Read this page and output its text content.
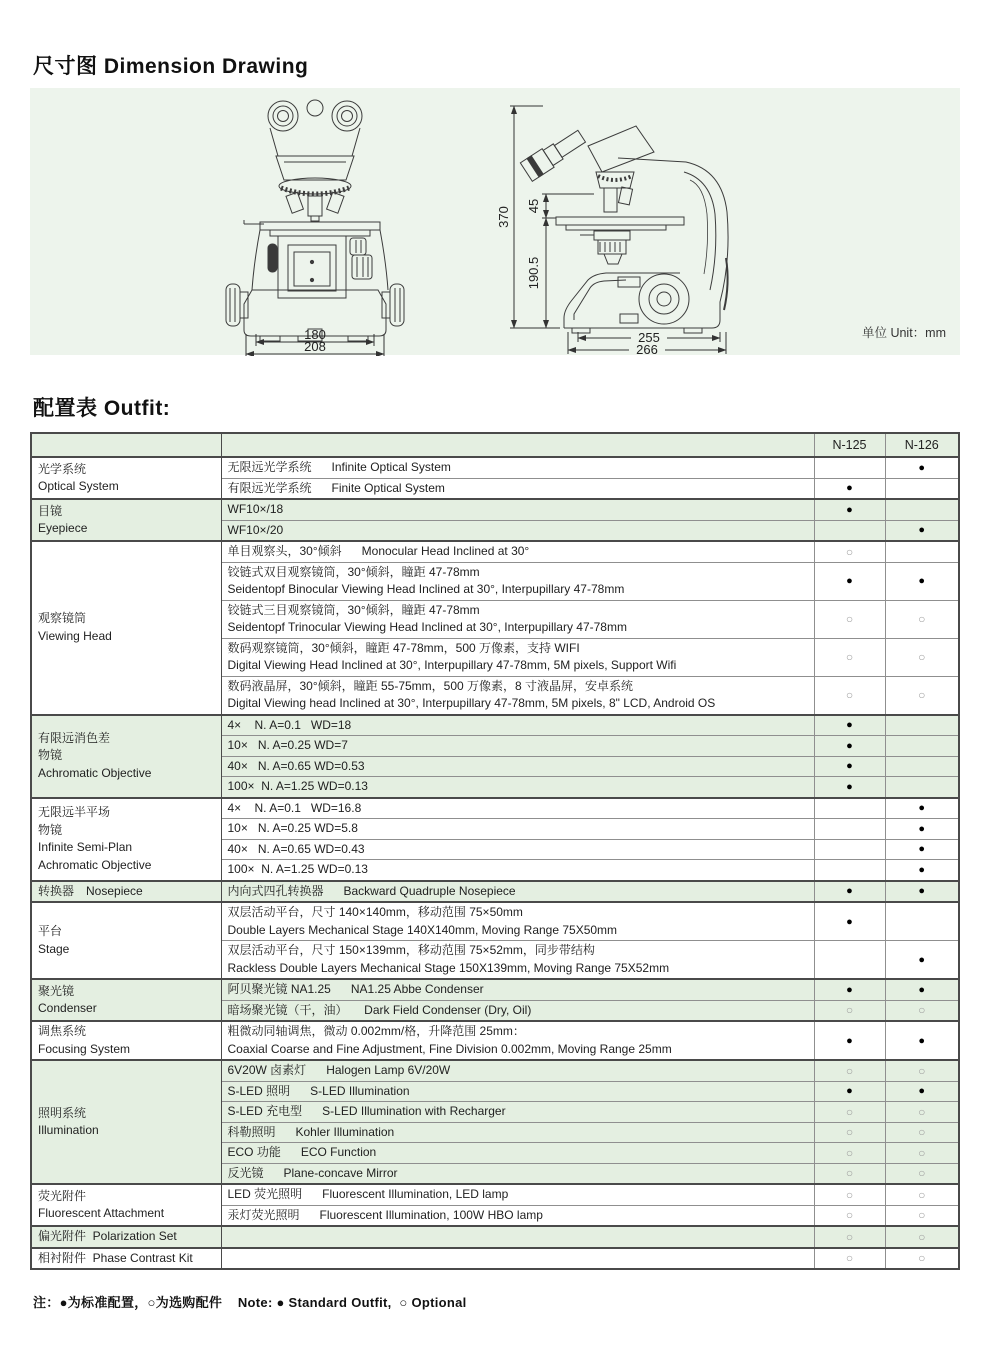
尺寸图 Dimension Drawing
180
208
370
45
190.5
255
266
单位 Unit：mm
配置表 Outfit:
		N-125	N-126

光学系统
Optical System	无限远光学系统      Infinite Optical System		●

	有限远光学系统      Finite Optical System	●	

目镜
Eyepiece	WF10×/18	●	

	WF10×/20		●

观察镜筒
Viewing Head	单目观察头，30°倾斜      Monocular Head Inclined at 30°	○	

	铰链式双目观察镜筒，30°倾斜，瞳距 47-78mm
Seidentopf Binocular Viewing Head Inclined at 30°, Interpupillary 47-78mm	●	●

	铰链式三目观察镜筒，30°倾斜，瞳距 47-78mm
Seidentopf Trinocular Viewing Head Inclined at 30°, Interpupillary 47-78mm	○	○

	数码观察镜筒，30°倾斜，瞳距 47-78mm，500 万像素，支持 WIFI
Digital Viewing Head Inclined at 30°, Interpupillary 47-78mm, 5M pixels, Support Wifi	○	○

	数码液晶屏，30°倾斜，瞳距 55-75mm，500 万像素，8 寸液晶屏，安卓系统
Digital Viewing head Inclined at 30°, Interpupillary 47-78mm, 5M pixels, 8" LCD, Android OS	○	○

有限远消色差
物镜
Achromatic Objective	4×    N. A=0.1   WD=18	●	

	10×   N. A=0.25 WD=7	●	

	40×   N. A=0.65 WD=0.53	●	

	100×  N. A=1.25 WD=0.13	●	

无限远半平场
物镜
Infinite Semi-Plan
Achromatic Objective	4×    N. A=0.1   WD=16.8		●

	10×   N. A=0.25 WD=5.8		●

	40×   N. A=0.65 WD=0.43		●

	100×  N. A=1.25 WD=0.13		●

转换器　Nosepiece	内向式四孔转换器      Backward Quadruple Nosepiece	●	●

平台
Stage

双层活动平台，尺寸 140×140mm，移动范围 75×50mm
Double Layers Mechanical Stage 140X140mm, Moving Range 75X50mm
	●	

	双层活动平台，尺寸 150×139mm，移动范围 75×52mm，同步带结构
Rackless Double Layers Mechanical Stage 150X139mm, Moving Range 75X52mm		●

聚光镜
Condenser	阿贝聚光镜 NA1.25      NA1.25 Abbe Condenser	●	●

	暗场聚光镜（干，油）     Dark Field Condenser (Dry, Oil)	○	○

调焦系统
Focusing System

粗微动同轴调焦，微动 0.002mm/格，升降范围 25mm：
Coaxial Coarse and Fine Adjustment, Fine Division 0.002mm, Moving Range 25mm
	●	●

照明系统
Illumination	6V20W 卤素灯      Halogen Lamp 6V/20W	○	○

	S-LED 照明      S-LED Illumination	●	●

	S-LED 充电型      S-LED Illumination with Recharger	○	○

	科勒照明      Kohler Illumination	○	○

	ECO 功能      ECO Function	○	○

	反光镜      Plane-concave Mirror	○	○

荧光附件
Fluorescent Attachment	LED 荧光照明      Fluorescent Illumination, LED lamp	○	○

	汞灯荧光照明      Fluorescent Illumination, 100W HBO lamp	○	○

偏光附件  Polarization Set		○	○

相衬附件  Phase Contrast Kit		○	○
注：●为标准配置，○为选购配件    Note: ● Standard Outfit,  ○ Optional
